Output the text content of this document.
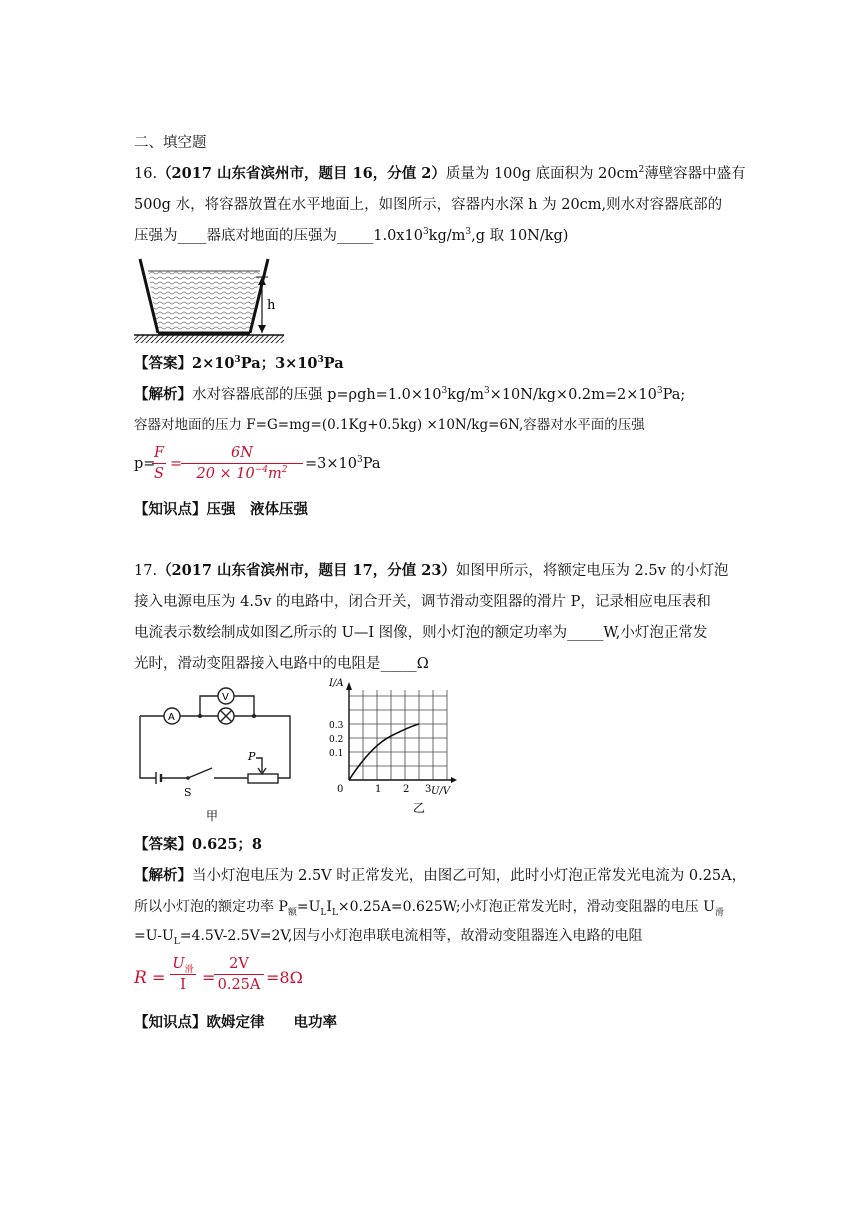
二、填空题
16.（2017 山东省滨州市，题目 16，分值 2）质量为 100g 底面积为 $20cm^2$薄壁容器中盛有
500g 水，将容器放置在水平地面上，如图所示，容器内水深 h 为 20cm,则水对容器底部的
压强为____器底对地面的压强为$\_\_\_\_\_1.0x10^3kg/m^3,g$ 取 10N/kg)
h
【答案】$2\times 10^3Pa$；$3\times 10^3Pa$
【解析】水对容器底部的压强 $p=\rho gh=1.0\times 10^3kg/m^3\times 10N/kg\times 0.2m=2\times 10^3Pa$;
容器对地面的压力 F=G=mg=(0.1Kg+0.5kg) ×10N/kg=6N,容器对水平面的压强
p=
F
S
=
6N
$20 \times 10^{-4}m^2$	$=3\times 10^3Pa$
【知识点】压强　液体压强
17.（2017 山东省滨州市，题目 17，分值 23）如图甲所示，将额定电压为 2.5v 的小灯泡
接入电源电压为 4.5v 的电路中，闭合开关，调节滑动变阻器的滑片 P，记录相应电压表和
电流表示数绘制成如图乙所示的 U—I 图像，则小灯泡的额定功率为_____W,小灯泡正常发
光时，滑动变阻器接入电路中的电阻是_____Ω
A
V
S
P
甲
I/A
U/V
0
0.1
0.2
0.3
1 2 3
乙
【答案】0.625；8
【解析】当小灯泡电压为 2.5V 时正常发光，由图乙可知，此时小灯泡正常发光电流为 0.25A，
所以小灯泡的额定功率 $P_额=U_LI_L\times 0.25A=0.625W$;小灯泡正常发光时，滑动变阻器的电压 $U_滑$
$=U-U_L=4.5V-2.5V=2V$,因与小灯泡串联电流相等，故滑动变阻器连入电路的电阻
R =
$U_滑$
I	=
2V
0.25A =8Ω
【知识点】欧姆定律　　电功率
